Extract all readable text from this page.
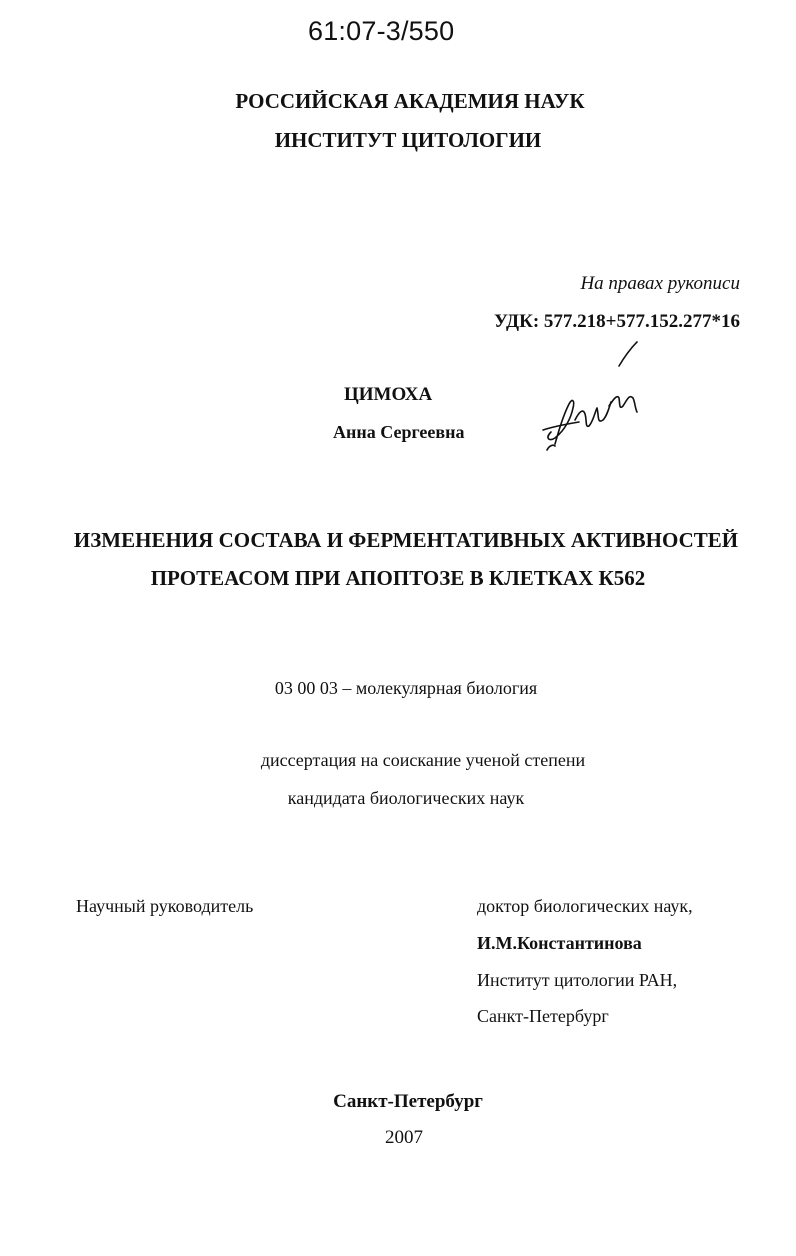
61:07-3/550
РОССИЙСКАЯ АКАДЕМИЯ НАУК
ИНСТИТУТ ЦИТОЛОГИИ
На правах рукописи
УДК: 577.218+577.152.277*16
ЦИМОХА
Анна Сергеевна
ИЗМЕНЕНИЯ СОСТАВА И ФЕРМЕНТАТИВНЫХ АКТИВНОСТЕЙ
ПРОТЕАСОМ ПРИ АПОПТОЗЕ В КЛЕТКАХ К562
03 00 03 – молекулярная биология
диссертация на соискание ученой степени
кандидата биологических наук
Научный руководитель	доктор биологических наук,
И.М.Константинова
Институт цитологии РАН,
Санкт-Петербург
Санкт-Петербург
2007
